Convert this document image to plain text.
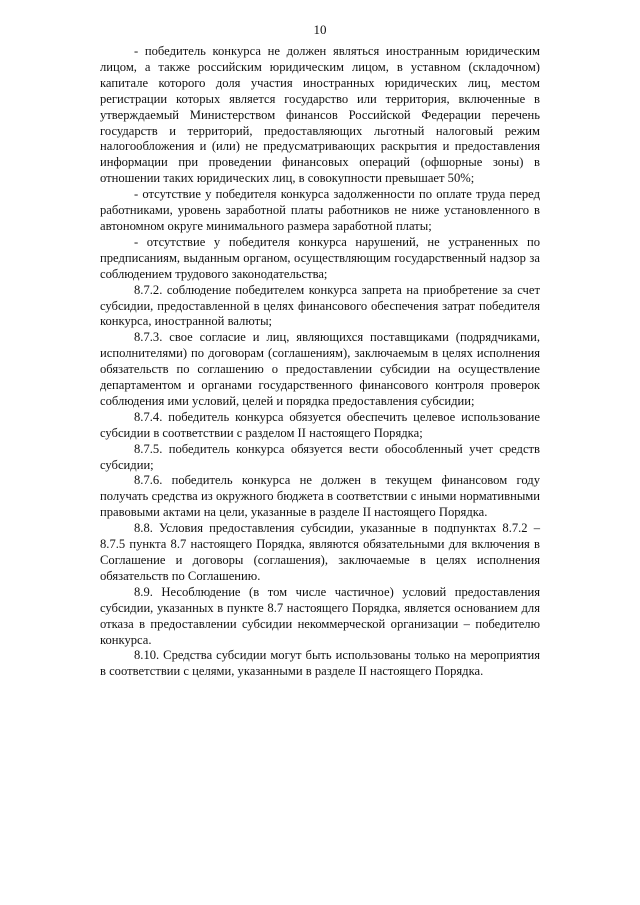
10

- победитель конкурса не должен являться иностранным юридическим лицом, а также российским юридическим лицом, в уставном (складочном) капитале которого доля участия иностранных юридических лиц, местом регистрации которых является государство или территория, включенные в утверждаемый Министерством финансов Российской Федерации перечень государств и территорий, предоставляющих льготный налоговый режим налогообложения и (или) не предусматривающих раскрытия и предоставления информации при проведении финансовых операций (офшорные зоны) в отношении таких юридических лиц, в совокупности превышает 50%;

- отсутствие у победителя конкурса задолженности по оплате труда перед работниками, уровень заработной платы работников не ниже установленного в автономном округе минимального размера заработной платы;

- отсутствие у победителя конкурса нарушений, не устраненных по предписаниям, выданным органом, осуществляющим государственный надзор за соблюдением трудового законодательства;

8.7.2. соблюдение победителем конкурса запрета на приобретение за счет субсидии, предоставленной в целях финансового обеспечения затрат победителя конкурса, иностранной валюты;

8.7.3. свое согласие и лиц, являющихся поставщиками (подрядчиками, исполнителями) по договорам (соглашениям), заключаемым в целях исполнения обязательств по соглашению о предоставлении субсидии на осуществление департаментом и органами государственного финансового контроля проверок соблюдения ими условий, целей и порядка предоставления субсидии;

8.7.4. победитель конкурса обязуется обеспечить целевое использование субсидии в соответствии с разделом II настоящего Порядка;

8.7.5. победитель конкурса обязуется вести обособленный учет средств субсидии;

8.7.6. победитель конкурса не должен в текущем финансовом году получать средства из окружного бюджета в соответствии с иными нормативными правовыми актами на цели, указанные в разделе II настоящего Порядка.

8.8. Условия предоставления субсидии, указанные в подпунктах 8.7.2 – 8.7.5 пункта 8.7 настоящего Порядка, являются обязательными для включения в Соглашение и договоры (соглашения), заключаемые в целях исполнения обязательств по Соглашению.

8.9. Несоблюдение (в том числе частичное) условий предоставления субсидии, указанных в пункте 8.7 настоящего Порядка, является основанием для отказа в предоставлении субсидии некоммерческой организации – победителю конкурса.

8.10. Средства субсидии могут быть использованы только на мероприятия в соответствии с целями, указанными в разделе II настоящего Порядка.
